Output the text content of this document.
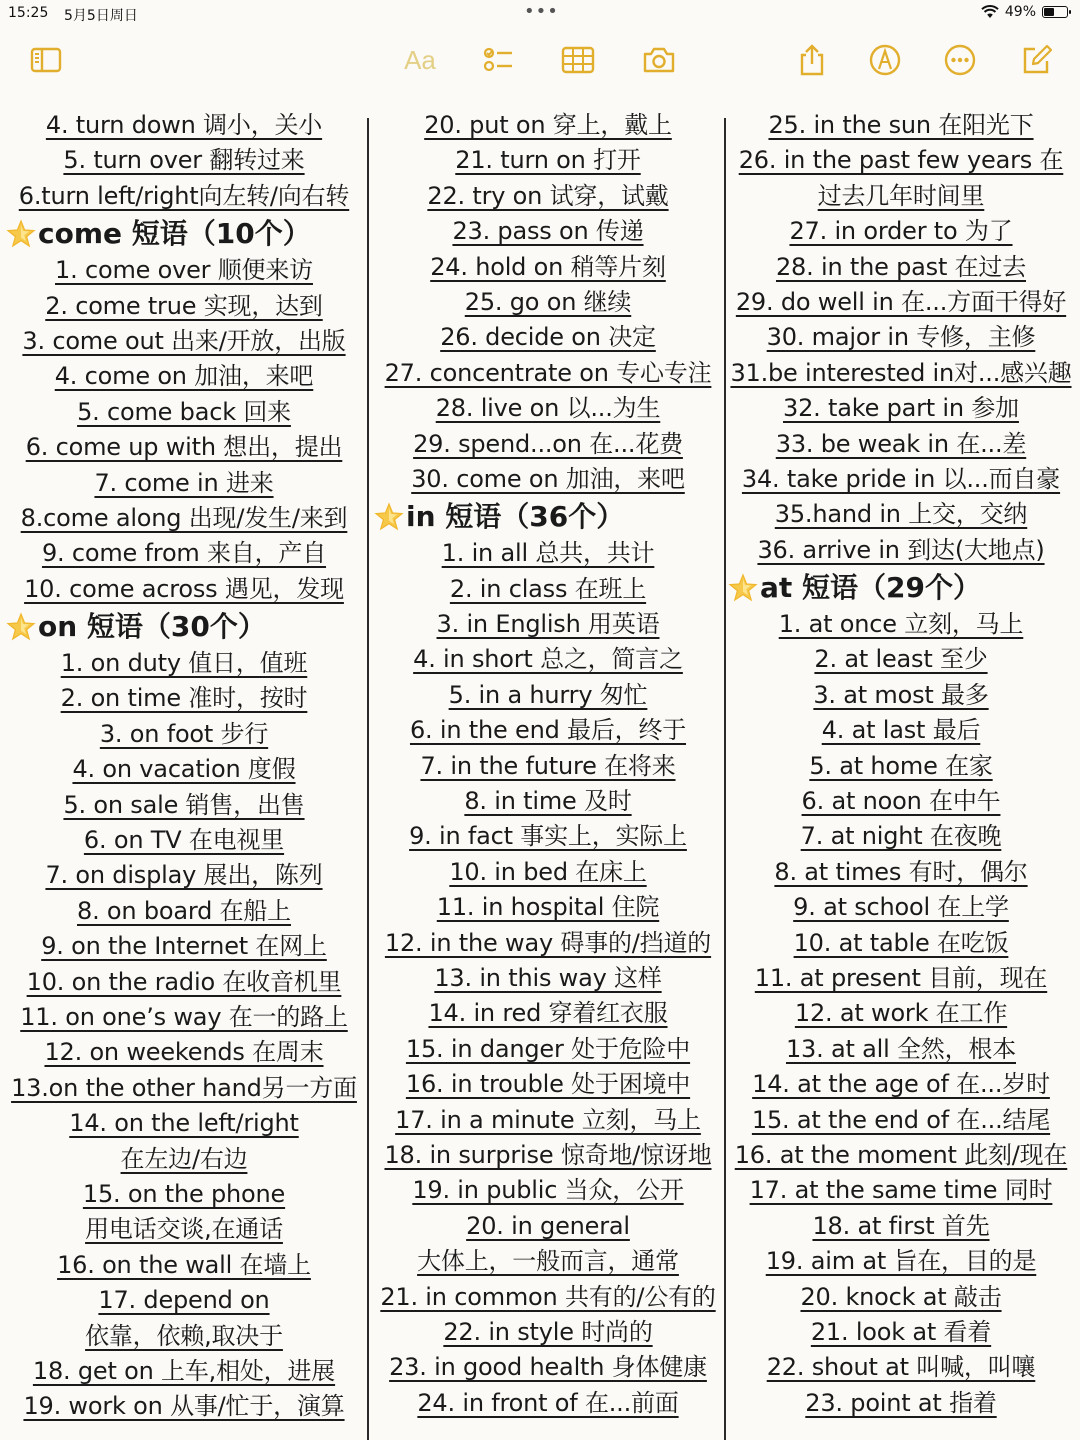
15:25 5月5日周日	•••	49%
Aa
4. turn down 调小，关小
5. turn over 翻转过来
6.turn left/right向左转/向右转
come 短语（10个）
1. come over 顺便来访
2. come true 实现，达到
3. come out 出来/开放，出版
4. come on 加油，来吧
5. come back 回来
6. come up with 想出，提出
7. come in 进来
8.come along 出现/发生/来到
9. come from 来自，产自
10. come across 遇见，发现
on 短语（30个）
1. on duty 值日，值班
2. on time 准时，按时
3. on foot 步行
4. on vacation 度假
5. on sale 销售，出售
6. on TV 在电视里
7. on display 展出，陈列
8. on board 在船上
9. on the Internet 在网上
10. on the radio 在收音机里
11. on one’s way 在一的路上
12. on weekends 在周末
13.on the other hand另一方面
14. on the left/right
在左边/右边
15. on the phone
用电话交谈,在通话
16. on the wall 在墙上
17. depend on
依靠，依赖,取决于
18. get on 上车,相处，进展
19. work on 从事/忙于，演算
20. put on 穿上，戴上
21. turn on 打开
22. try on 试穿，试戴
23. pass on 传递
24. hold on 稍等片刻
25. go on 继续
26. decide on 决定
27. concentrate on 专心专注
28. live on 以...为生
29. spend...on 在...花费
30. come on 加油，来吧
in 短语（36个）
1. in all 总共，共计
2. in class 在班上
3. in English 用英语
4. in short 总之，简言之
5. in a hurry 匆忙
6. in the end 最后，终于
7. in the future 在将来
8. in time 及时
9. in fact 事实上，实际上
10. in bed 在床上
11. in hospital 住院
12. in the way 碍事的/挡道的
13. in this way 这样
14. in red 穿着红衣服
15. in danger 处于危险中
16. in trouble 处于困境中
17. in a minute 立刻，马上
18. in surprise 惊奇地/惊讶地
19. in public 当众，公开
20. in general
大体上，一般而言，通常
21. in common 共有的/公有的
22. in style 时尚的
23. in good health 身体健康
24. in front of 在...前面
25. in the sun 在阳光下
26. in the past few years 在
过去几年时间里
27. in order to 为了
28. in the past 在过去
29. do well in 在...方面干得好
30. major in 专修，主修
31.be interested in对...感兴趣
32. take part in 参加
33. be weak in 在...差
34. take pride in 以...而自豪
35.hand in 上交，交纳
36. arrive in 到达(大地点)
at 短语（29个）
1. at once 立刻，马上
2. at least 至少
3. at most 最多
4. at last 最后
5. at home 在家
6. at noon 在中午
7. at night 在夜晚
8. at times 有时，偶尔
9. at school 在上学
10. at table 在吃饭
11. at present 目前，现在
12. at work 在工作
13. at all 全然，根本
14. at the age of 在...岁时
15. at the end of 在...结尾
16. at the moment 此刻/现在
17. at the same time 同时
18. at first 首先
19. aim at 旨在，目的是
20. knock at 敲击
21. look at 看着
22. shout at 叫喊，叫嚷
23. point at 指着
